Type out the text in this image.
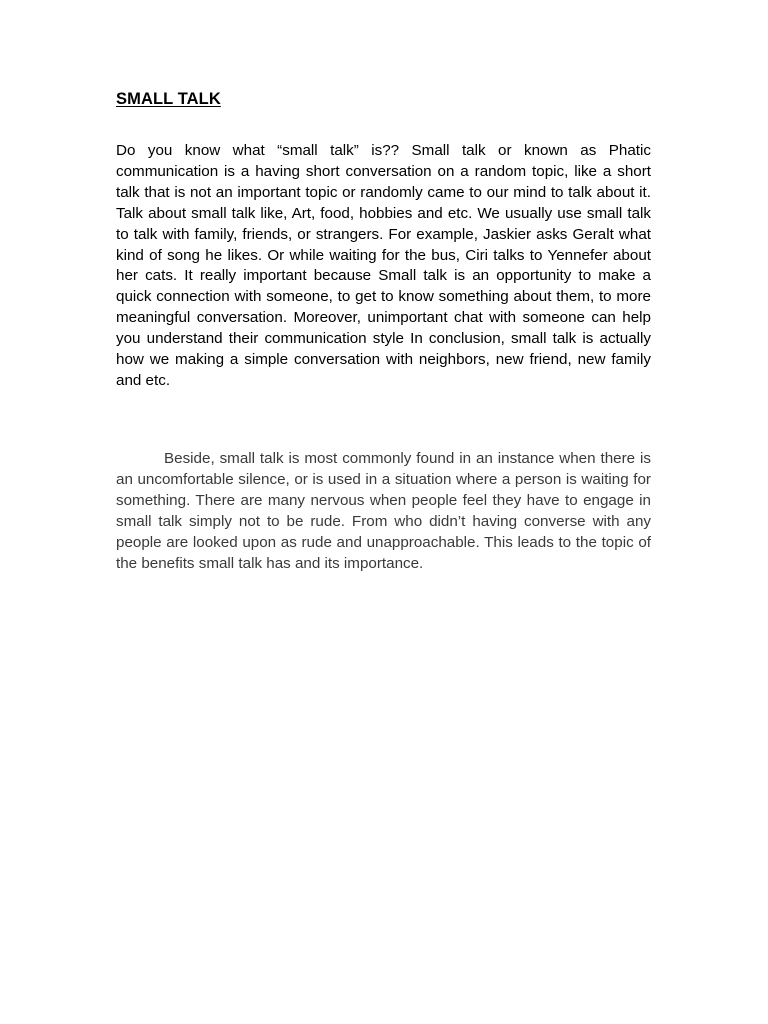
SMALL TALK

Do you know what “small talk” is?? Small talk or known as Phatic communication is a having short conversation on a random topic, like a short talk that is not an important topic or randomly came to our mind to talk about it. Talk about small talk like, Art, food, hobbies and etc. We usually use small talk to talk with family, friends, or strangers. For example, Jaskier asks Geralt what kind of song he likes. Or while waiting for the bus, Ciri talks to Yennefer about her cats. It really important because Small talk is an opportunity to make a quick connection with someone, to get to know something about them, to more meaningful conversation. Moreover, unimportant chat with someone can help you understand their communication style In conclusion, small talk is actually how we making a simple conversation with neighbors, new friend, new family and etc.

Beside, small talk is most commonly found in an instance when there is an uncomfortable silence, or is used in a situation where a person is waiting for something. There are many nervous when people feel they have to engage in small talk simply not to be rude. From who didn’t having converse with any people are looked upon as rude and unapproachable. This leads to the topic of the benefits small talk has and its importance.
